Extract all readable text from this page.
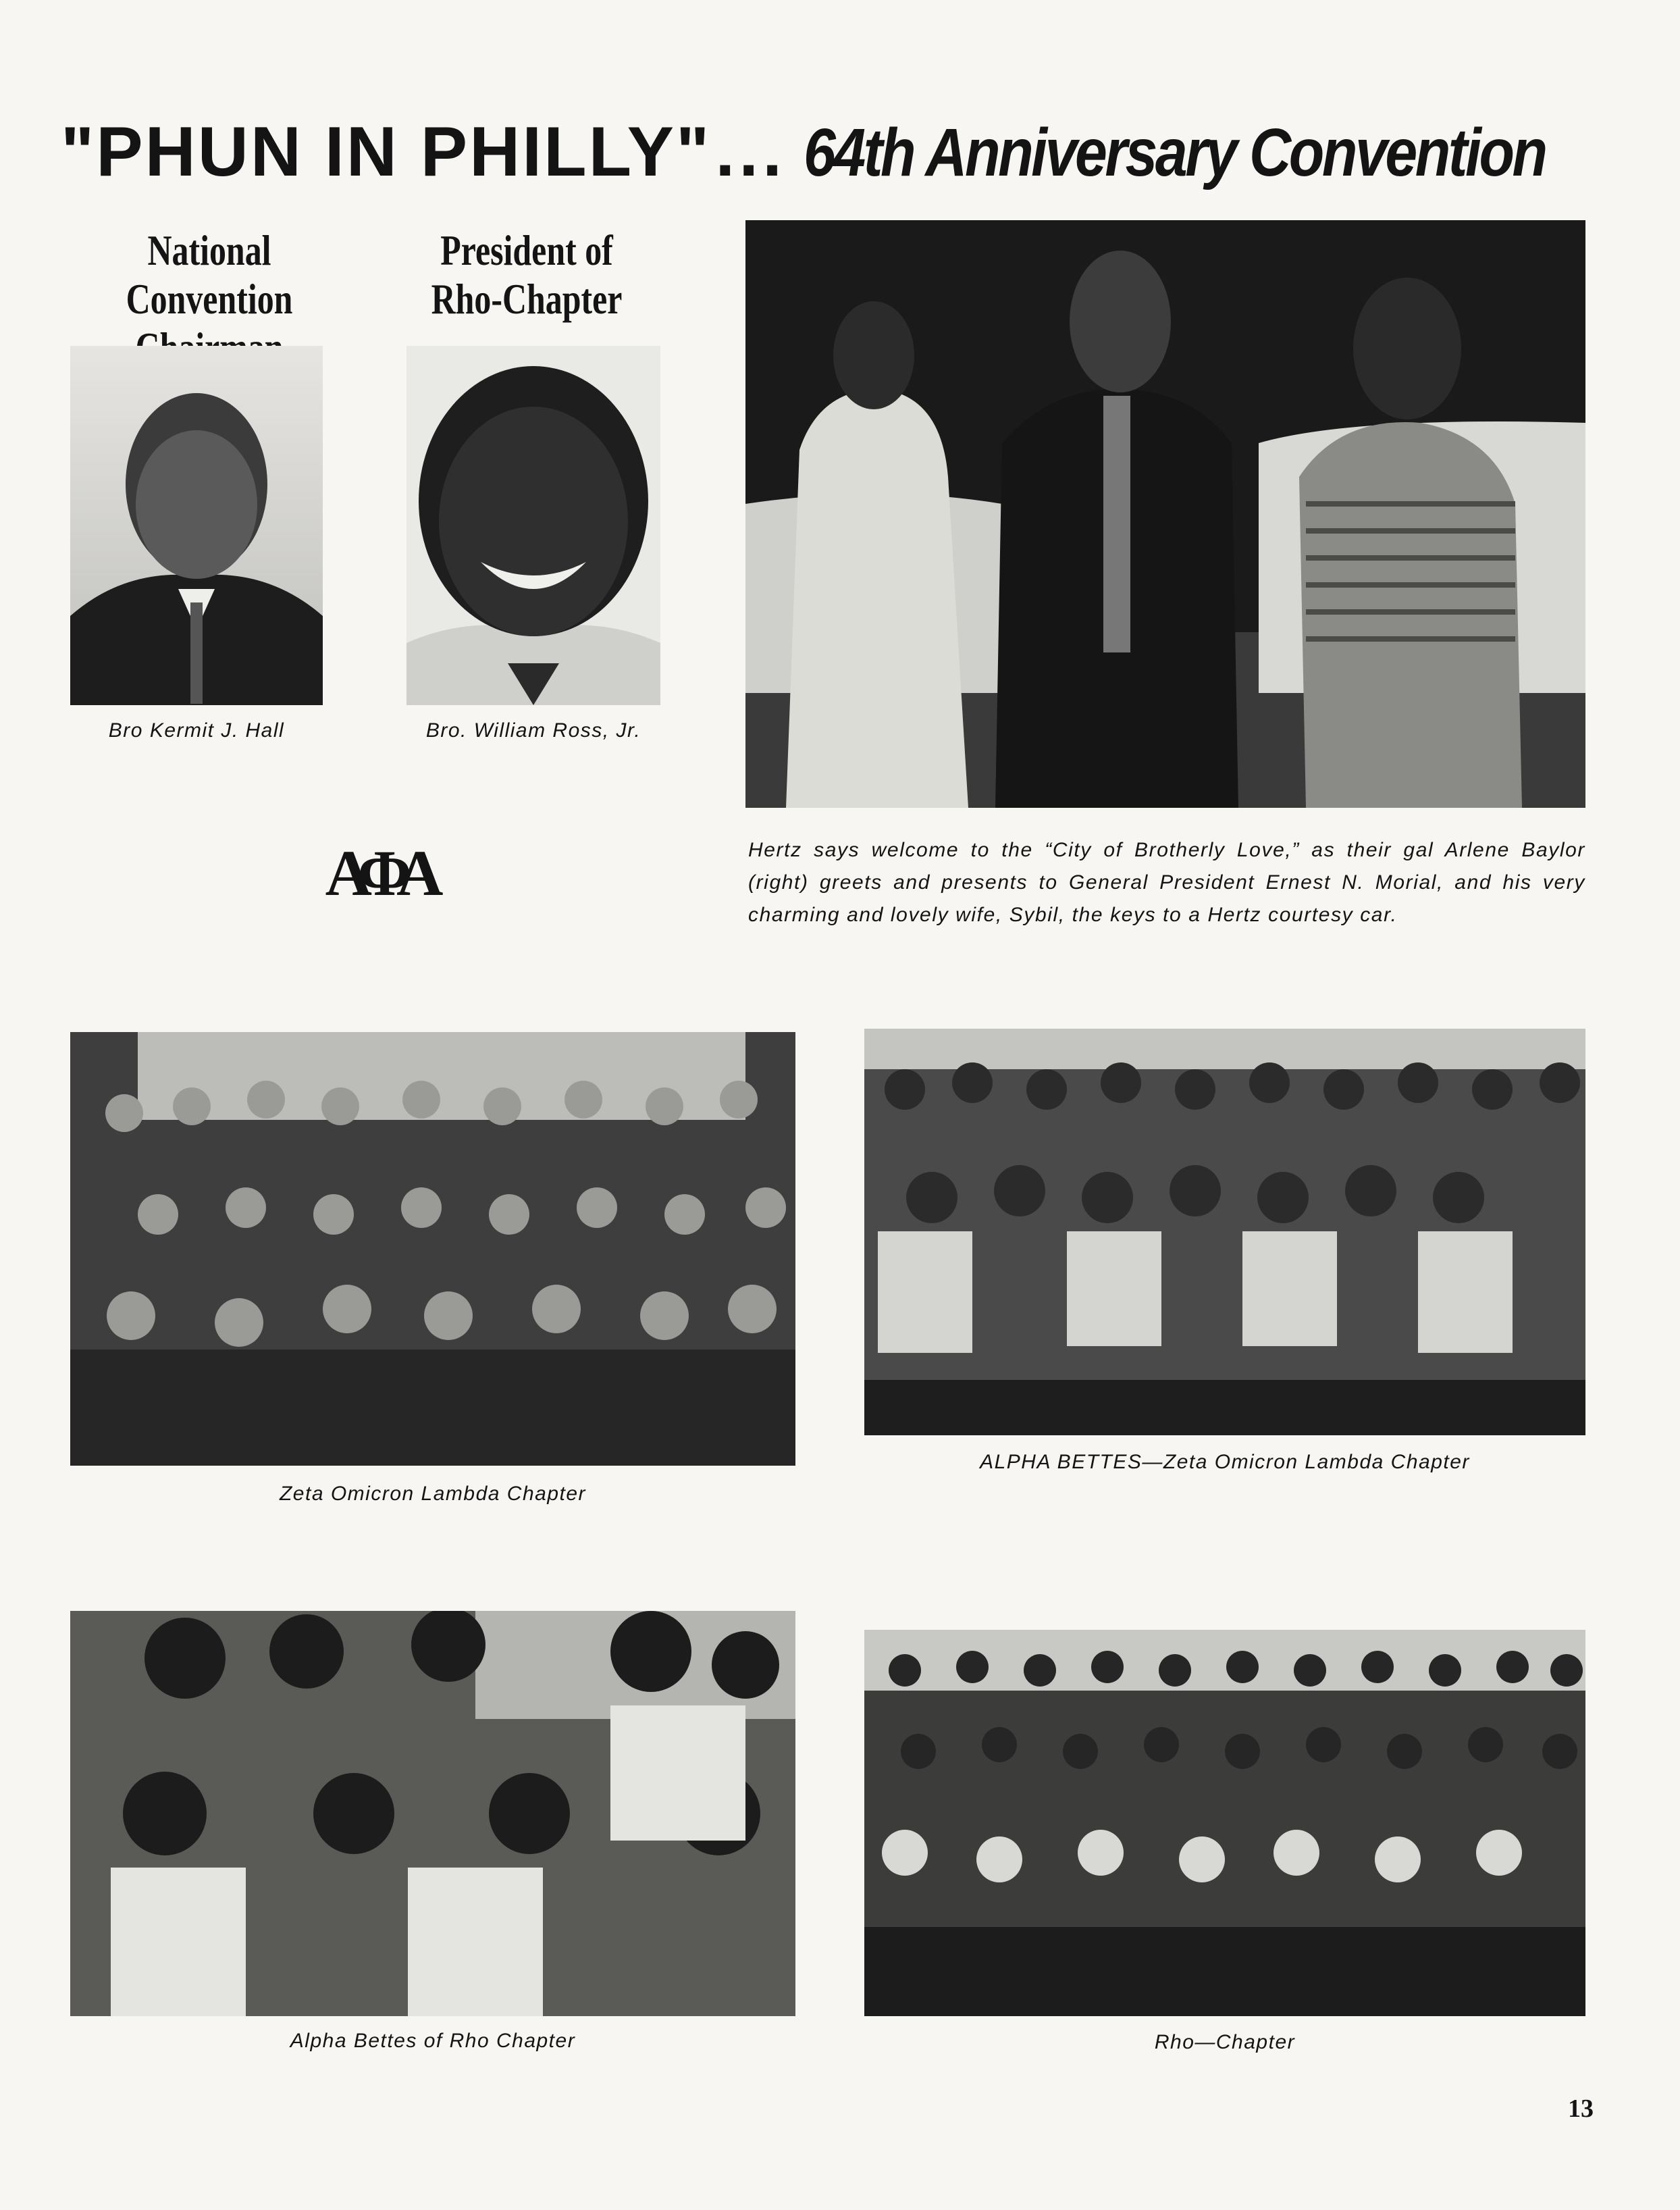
"PHUN IN PHILLY"... 64th Anniversary Convention
National
Convention
Bro Kermit J. Hall
President of
Rho-Chapter
Bro. William Ross, Jr.
ΑΦΑ	Hertz says welcome to the “City of Brotherly Love,” as their gal Arlene Baylor (right) greets and presents to General President Ernest N. Morial, and his very charming and lovely wife, Sybil, the keys to a Hertz courtesy car.
Zeta Omicron Lambda Chapter
ALPHA BETTES—Zeta Omicron Lambda Chapter
Alpha Bettes of Rho Chapter	Rho—Chapter
13
